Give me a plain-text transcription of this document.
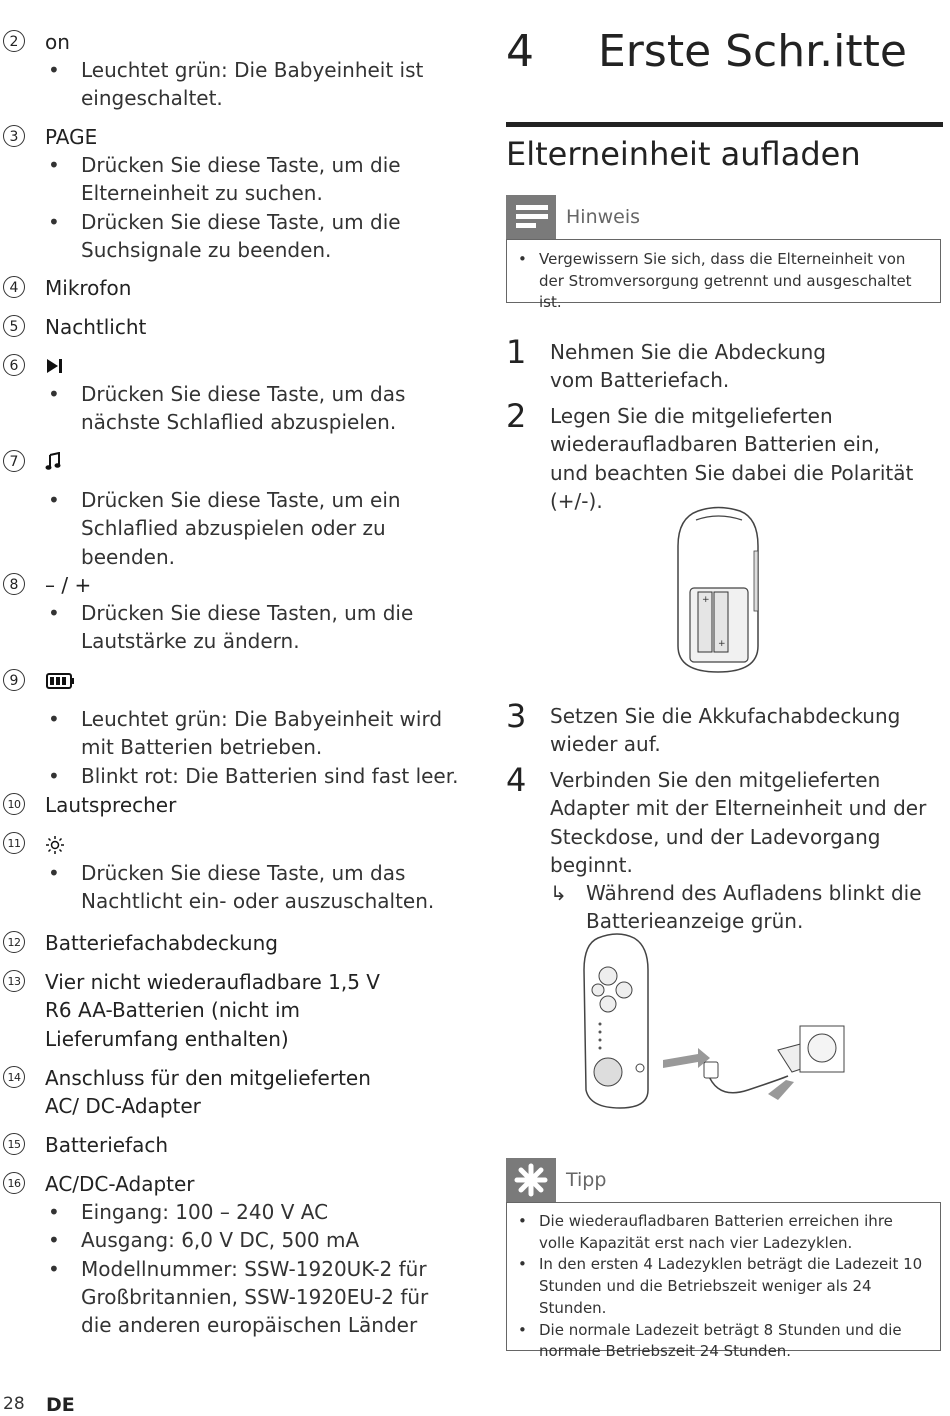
2	on
• Leuchtet grün: Die Babyeinheit ist eingeschaltet.
3	PAGE
• Drücken Sie diese Taste, um die Elterneinheit zu suchen.
• Drücken Sie diese Taste, um die Suchsignale zu beenden.
4	Mikrofon
5	Nachtlicht
6
• Drücken Sie diese Taste, um das nächste Schlaflied abzuspielen.
7
• Drücken Sie diese Taste, um ein Schlaflied abzuspielen oder zu beenden.
8	– / +
• Drücken Sie diese Tasten, um die Lautstärke zu ändern.
9
• Leuchtet grün: Die Babyeinheit wird mit Batterien betrieben.
• Blinkt rot: Die Batterien sind fast leer.
10 Lautsprecher
11
• Drücken Sie diese Taste, um das Nachtlicht ein- oder auszuschalten.
12 Batteriefachabdeckung
13	Vier nicht wiederaufladbare 1,5 V R6 AA-Batterien (nicht im Lieferumfang enthalten)
14	Anschluss für den mitgelieferten AC/ DC-Adapter
15 Batteriefach
16 AC/DC-Adapter
• Eingang: 100 – 240 V AC
• Ausgang: 6,0 V DC, 500 mA
• Modellnummer: SSW-1920UK-2 für Großbritannien, SSW-1920EU-2 für die anderen europäischen Länder
28 DE
4 Erste Schr.itte
Elterneinheit aufladen
Hinweis
• Vergewissern Sie sich, dass die Elterneinheit von der Stromversorgung getrennt und ausgeschaltet ist.
1 Nehmen Sie die Abdeckung vom Batteriefach.
2 Legen Sie die mitgelieferten wiederaufladbaren Batterien ein, und beachten Sie dabei die Polarität (+/-).
+
+
3 Setzen Sie die Akkufachabdeckung wieder auf.
4 Verbinden Sie den mitgelieferten Adapter mit der Elterneinheit und der Steckdose, und der Ladevorgang beginnt.
↳ Während des Aufladens blinkt die Batterieanzeige grün.
Tipp
• Die wiederaufladbaren Batterien erreichen ihre volle Kapazität erst nach vier Ladezyklen.
• In den ersten 4 Ladezyklen beträgt die Ladezeit 10 Stunden und die Betriebszeit weniger als 24 Stunden.
• Die normale Ladezeit beträgt 8 Stunden und die normale Betriebszeit 24 Stunden.
